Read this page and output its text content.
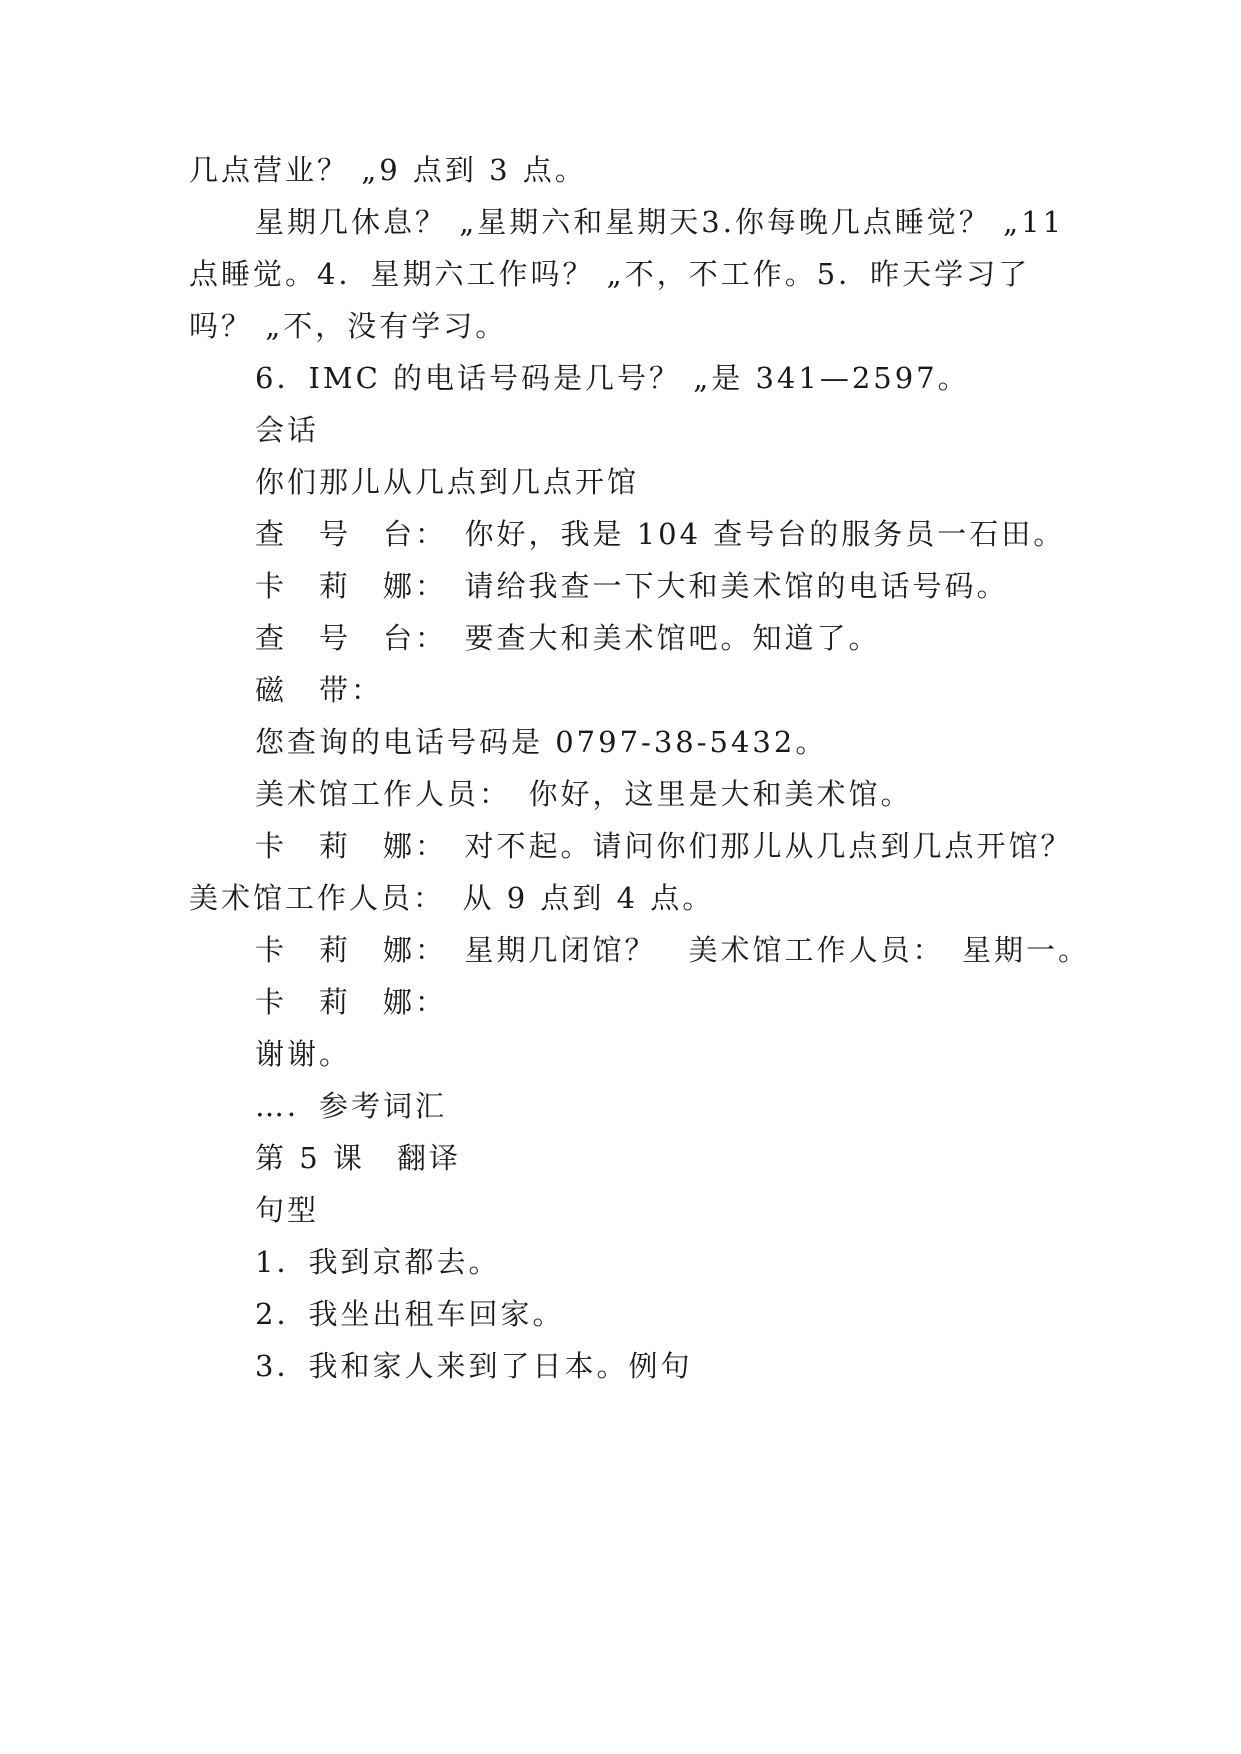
几点营业？ „9 点到 3 点。
星期几休息？ „星期六和星期天3.你每晚几点睡觉？ „11
点睡觉。4．星期六工作吗？ „不，不工作。5．昨天学习了
吗？ „不，没有学习。
6．IMC 的电话号码是几号？ „是 341—2597。
会话
你们那儿从几点到几点开馆
查　号　台：　你好，我是 104 查号台的服务员一石田。
卡　莉　娜：　请给我查一下大和美术馆的电话号码。
查　号　台：　要查大和美术馆吧。知道了。
磁　带：
您查询的电话号码是 0797-38-5432。
美术馆工作人员：　你好，这里是大和美术馆。
卡　莉　娜：　对不起。请问你们那儿从几点到几点开馆？
美术馆工作人员：　从 9 点到 4 点。
卡　莉　娜：　星期几闭馆？　美术馆工作人员：　星期一。
卡　莉　娜：
谢谢。
…．参考词汇
第 5 课　翻译
句型
1．我到京都去。
2．我坐出租车回家。
3．我和家人来到了日本。例句
